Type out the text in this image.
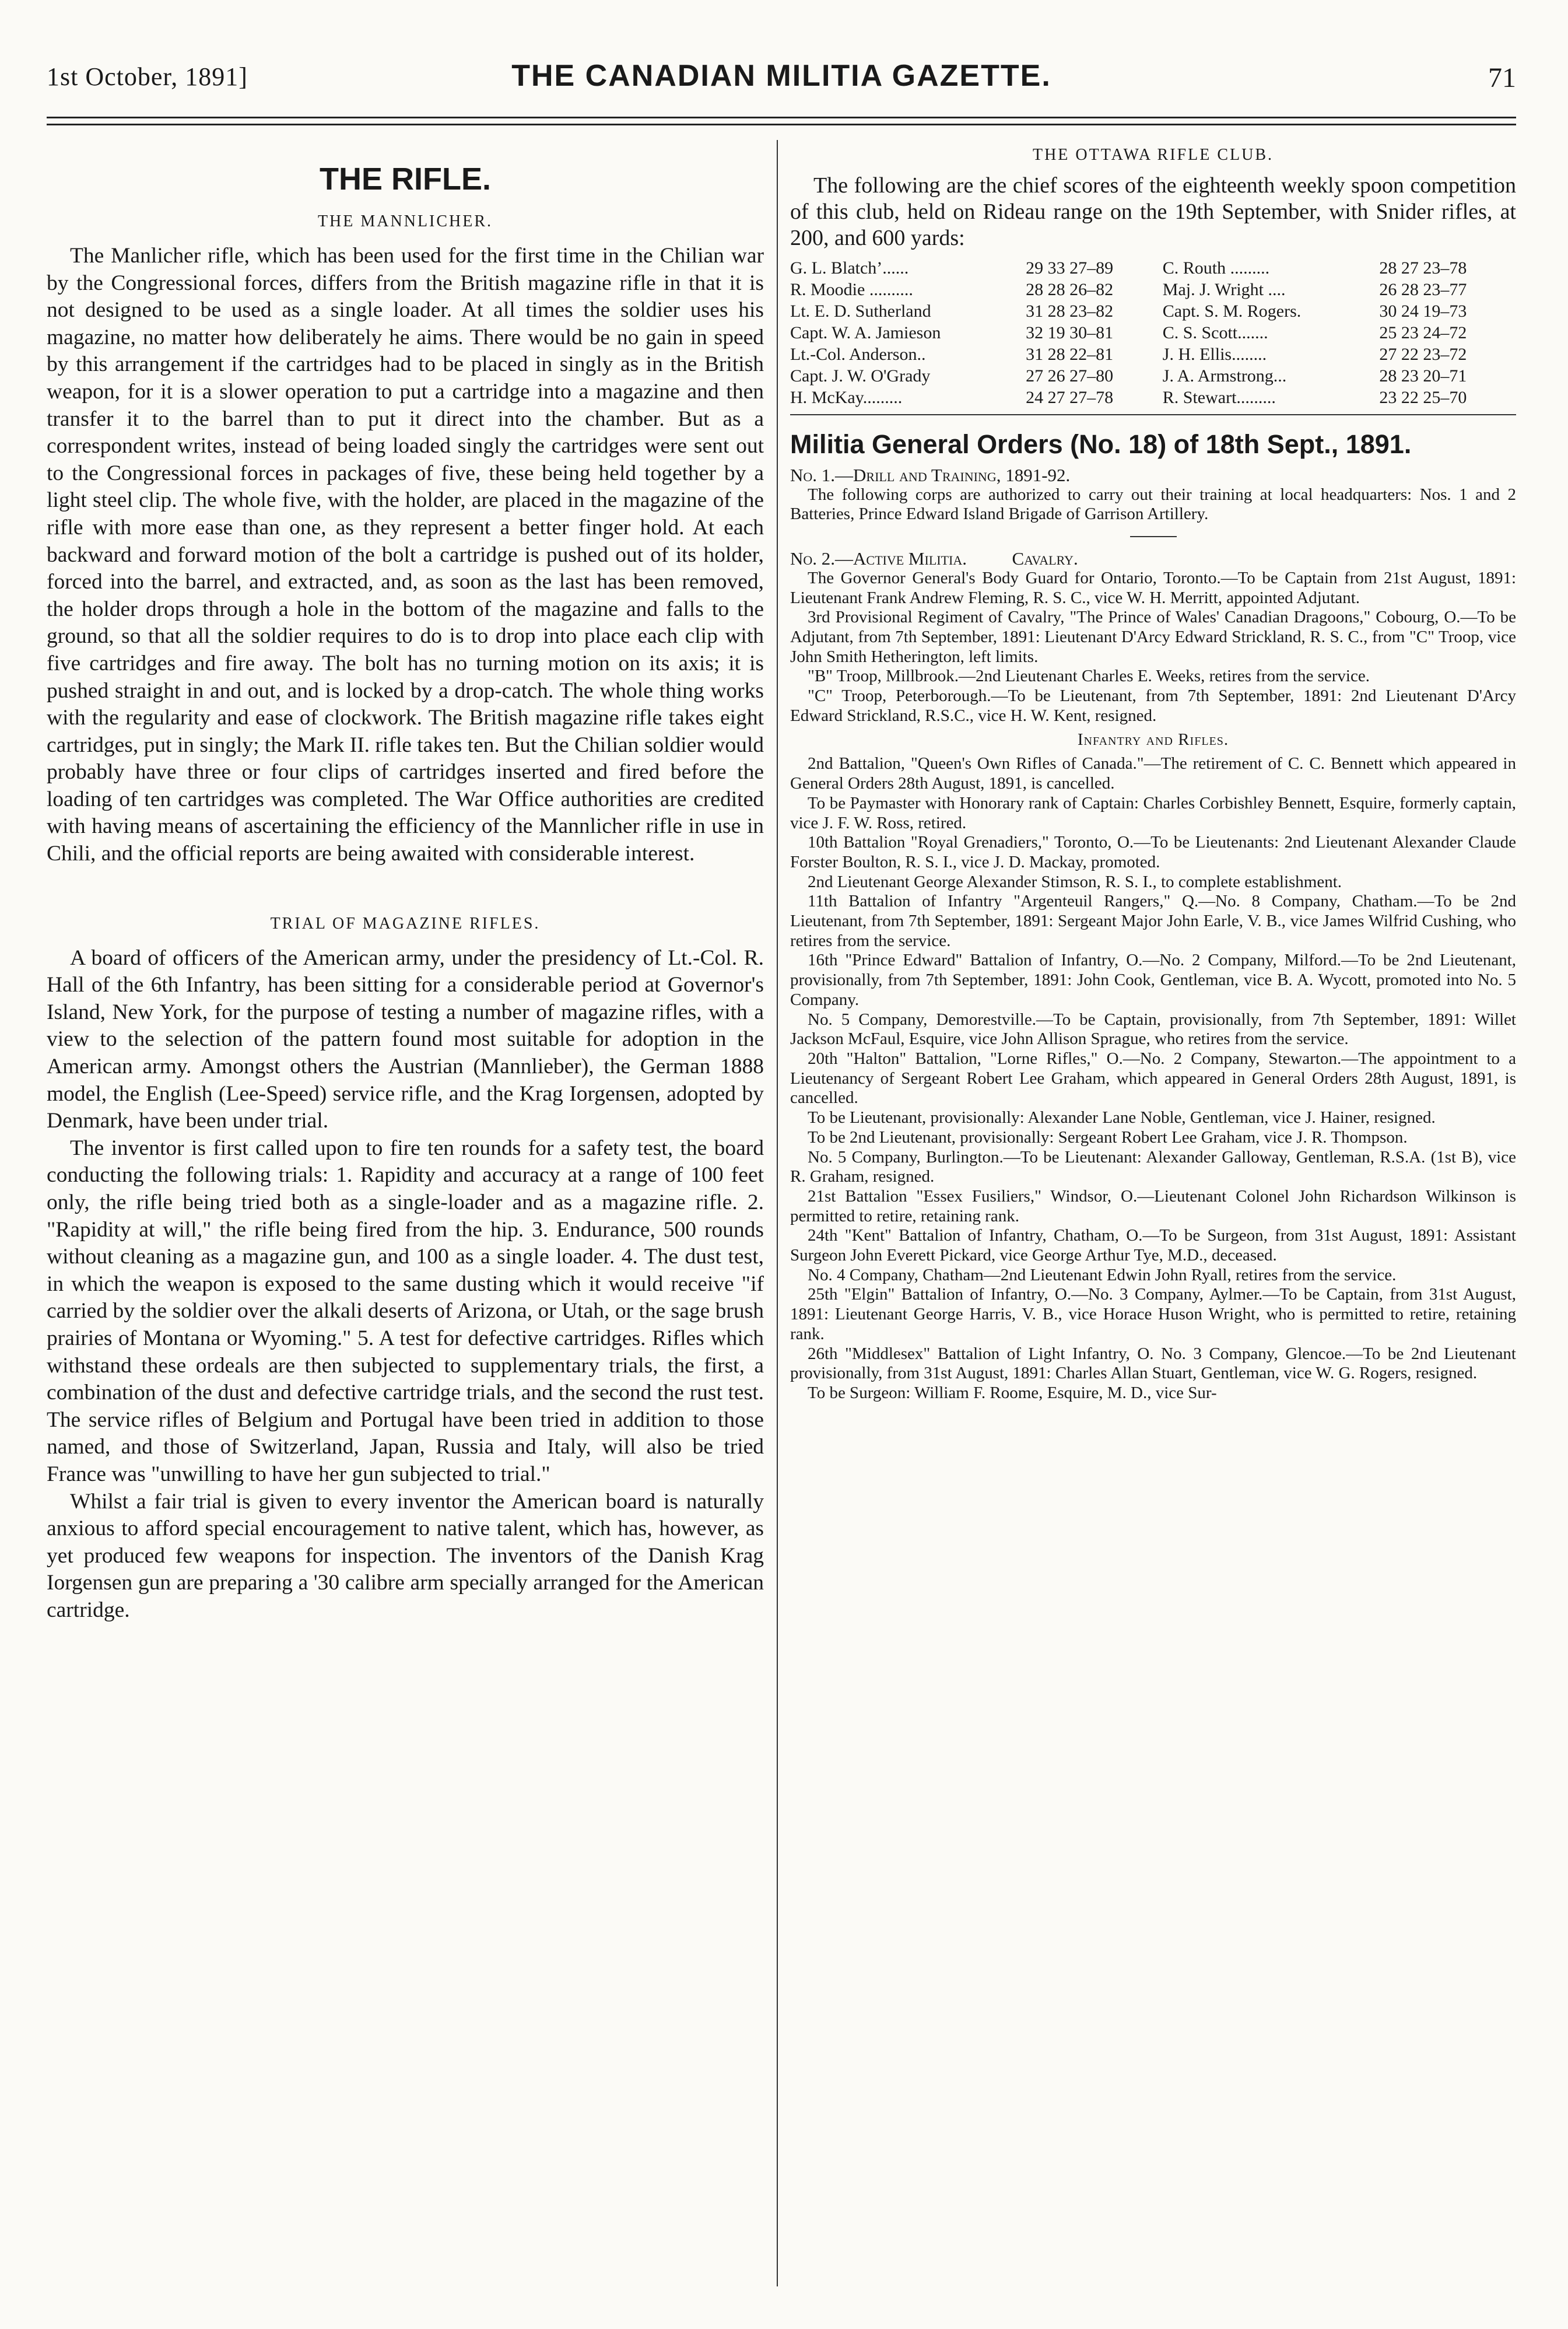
1st October, 1891]	THE CANADIAN MILITIA GAZETTE.	71
THE RIFLE.
THE MANNLICHER.

The Manlicher rifle, which has been used for the first time in the Chilian war by the Congressional forces, differs from the British magazine rifle in that it is not designed to be used as a single loader. At all times the soldier uses his magazine, no matter how deliberately he aims. There would be no gain in speed by this arrangement if the cartridges had to be placed in singly as in the British weapon, for it is a slower operation to put a cartridge into a magazine and then transfer it to the barrel than to put it direct into the chamber. But as a correspondent writes, instead of being loaded singly the cartridges were sent out to the Congressional forces in packages of five, these being held together by a light steel clip. The whole five, with the holder, are placed in the magazine of the rifle with more ease than one, as they represent a better finger hold. At each backward and forward motion of the bolt a cartridge is pushed out of its holder, forced into the barrel, and extracted, and, as soon as the last has been removed, the holder drops through a hole in the bottom of the magazine and falls to the ground, so that all the soldier requires to do is to drop into place each clip with five cartridges and fire away. The bolt has no turning motion on its axis; it is pushed straight in and out, and is locked by a drop-catch. The whole thing works with the regularity and ease of clockwork. The British magazine rifle takes eight cartridges, put in singly; the Mark II. rifle takes ten. But the Chilian soldier would probably have three or four clips of cartridges inserted and fired before the loading of ten cartridges was completed. The War Office authorities are credited with having means of ascertaining the efficiency of the Mannlicher rifle in use in Chili, and the official reports are being awaited with considerable interest.

TRIAL OF MAGAZINE RIFLES.

A board of officers of the American army, under the presidency of Lt.-Col. R. Hall of the 6th Infantry, has been sitting for a considerable period at Governor's Island, New York, for the purpose of testing a number of magazine rifles, with a view to the selection of the pattern found most suitable for adoption in the American army. Amongst others the Austrian (Mannlieber), the German 1888 model, the English (Lee-Speed) service rifle, and the Krag Iorgensen, adopted by Denmark, have been under trial.

The inventor is first called upon to fire ten rounds for a safety test, the board conducting the following trials: 1. Rapidity and accuracy at a range of 100 feet only, the rifle being tried both as a single-loader and as a magazine rifle. 2. "Rapidity at will," the rifle being fired from the hip. 3. Endurance, 500 rounds without cleaning as a magazine gun, and 100 as a single loader. 4. The dust test, in which the weapon is exposed to the same dusting which it would receive "if carried by the soldier over the alkali deserts of Arizona, or Utah, or the sage brush prairies of Montana or Wyoming." 5. A test for defective cartridges. Rifles which withstand these ordeals are then subjected to supplementary trials, the first, a combination of the dust and defective cartridge trials, and the second the rust test. The service rifles of Belgium and Portugal have been tried in addition to those named, and those of Switzerland, Japan, Russia and Italy, will also be tried France was "unwilling to have her gun subjected to trial."

Whilst a fair trial is given to every inventor the American board is naturally anxious to afford special encouragement to native talent, which has, however, as yet produced few weapons for inspection. The inventors of the Danish Krag Iorgensen gun are preparing a '30 calibre arm specially arranged for the American cartridge.

THE OTTAWA RIFLE CLUB.

The following are the chief scores of the eighteenth weekly spoon competition of this club, held on Rideau range on the 19th September, with Snider rifles, at 200, and 600 yards:

G. L. Blatch’......	29 33 27–89	C. Routh .........	28 27 23–78
R. Moodie ..........	28 28 26–82	Maj. J. Wright ....	26 28 23–77
Lt. E. D. Sutherland	31 28 23–82	Capt. S. M. Rogers.	30 24 19–73
Capt. W. A. Jamieson	32 19 30–81	C. S. Scott.......	25 23 24–72
Lt.-Col. Anderson..	31 28 22–81	J. H. Ellis........	27 22 23–72
Capt. J. W. O'Grady	27 26 27–80	J. A. Armstrong...	28 23 20–71
H. McKay.........	24 27 27–78	R. Stewart.........	23 22 25–70
Militia General Orders (No. 18) of 18th Sept., 1891.

No. 1.—Drill and Training, 1891-92.

The following corps are authorized to carry out their training at local headquarters: Nos. 1 and 2 Batteries, Prince Edward Island Brigade of Garrison Artillery.

No. 2.—Active Militia.          Cavalry.

The Governor General's Body Guard for Ontario, Toronto.—To be Captain from 21st August, 1891: Lieutenant Frank Andrew Fleming, R. S. C., vice W. H. Merritt, appointed Adjutant.

3rd Provisional Regiment of Cavalry, "The Prince of Wales' Canadian Dragoons," Cobourg, O.—To be Adjutant, from 7th September, 1891: Lieutenant D'Arcy Edward Strickland, R. S. C., from "C" Troop, vice John Smith Hetherington, left limits.

"B" Troop, Millbrook.—2nd Lieutenant Charles E. Weeks, retires from the service.

"C" Troop, Peterborough.—To be Lieutenant, from 7th September, 1891: 2nd Lieutenant D'Arcy Edward Strickland, R.S.C., vice H. W. Kent, resigned.

Infantry and Rifles.

2nd Battalion, "Queen's Own Rifles of Canada."—The retirement of C. C. Bennett which appeared in General Orders 28th August, 1891, is cancelled.

To be Paymaster with Honorary rank of Captain: Charles Corbishley Bennett, Esquire, formerly captain, vice J. F. W. Ross, retired.

10th Battalion "Royal Grenadiers," Toronto, O.—To be Lieutenants: 2nd Lieutenant Alexander Claude Forster Boulton, R. S. I., vice J. D. Mackay, promoted.

2nd Lieutenant George Alexander Stimson, R. S. I., to complete establishment.

11th Battalion of Infantry "Argenteuil Rangers," Q.—No. 8 Company, Chatham.—To be 2nd Lieutenant, from 7th September, 1891: Sergeant Major John Earle, V. B., vice James Wilfrid Cushing, who retires from the service.

16th "Prince Edward" Battalion of Infantry, O.—No. 2 Company, Milford.—To be 2nd Lieutenant, provisionally, from 7th September, 1891: John Cook, Gentleman, vice B. A. Wycott, promoted into No. 5 Company.

No. 5 Company, Demorestville.—To be Captain, provisionally, from 7th September, 1891: Willet Jackson McFaul, Esquire, vice John Allison Sprague, who retires from the service.

20th "Halton" Battalion, "Lorne Rifles," O.—No. 2 Company, Stewarton.—The appointment to a Lieutenancy of Sergeant Robert Lee Graham, which appeared in General Orders 28th August, 1891, is cancelled.

To be Lieutenant, provisionally: Alexander Lane Noble, Gentleman, vice J. Hainer, resigned.

To be 2nd Lieutenant, provisionally: Sergeant Robert Lee Graham, vice J. R. Thompson.

No. 5 Company, Burlington.—To be Lieutenant: Alexander Galloway, Gentleman, R.S.A. (1st B), vice R. Graham, resigned.

21st Battalion "Essex Fusiliers," Windsor, O.—Lieutenant Colonel John Richardson Wilkinson is permitted to retire, retaining rank.

24th "Kent" Battalion of Infantry, Chatham, O.—To be Surgeon, from 31st August, 1891: Assistant Surgeon John Everett Pickard, vice George Arthur Tye, M.D., deceased.

No. 4 Company, Chatham—2nd Lieutenant Edwin John Ryall, retires from the service.

25th "Elgin" Battalion of Infantry, O.—No. 3 Company, Aylmer.—To be Captain, from 31st August, 1891: Lieutenant George Harris, V. B., vice Horace Huson Wright, who is permitted to retire, retaining rank.

26th "Middlesex" Battalion of Light Infantry, O. No. 3 Company, Glencoe.—To be 2nd Lieutenant provisionally, from 31st August, 1891: Charles Allan Stuart, Gentleman, vice W. G. Rogers, resigned.

To be Surgeon: William F. Roome, Esquire, M. D., vice Sur-
